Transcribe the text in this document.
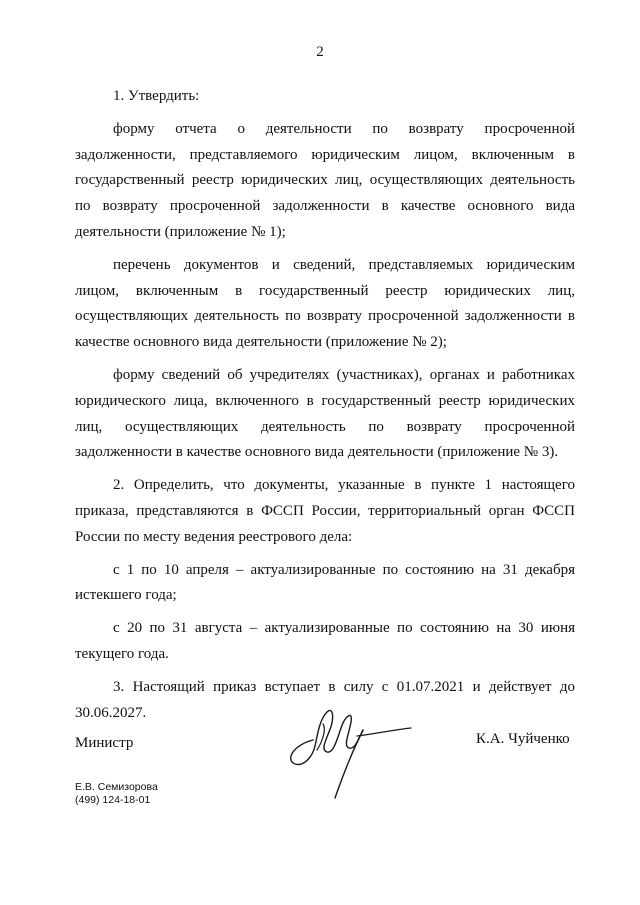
2

1. Утвердить:

форму отчета о деятельности по возврату просроченной задолженности, представляемого юридическим лицом, включенным в государственный реестр юридических лиц, осуществляющих деятельность по возврату просроченной задолженности в качестве основного вида деятельности (приложение № 1);

перечень документов и сведений, представляемых юридическим лицом, включенным в государственный реестр юридических лиц, осуществляющих деятельность по возврату просроченной задолженности в качестве основного вида деятельности (приложение № 2);

форму сведений об учредителях (участниках), органах и работниках юридического лица, включенного в государственный реестр юридических лиц, осуществляющих деятельность по возврату просроченной задолженности в качестве основного вида деятельности (приложение № 3).

2. Определить, что документы, указанные в пункте 1 настоящего приказа, представляются в ФССП России, территориальный орган ФССП России по месту ведения реестрового дела:

с 1 по 10 апреля – актуализированные по состоянию на 31 декабря истекшего года;

с 20 по 31 августа – актуализированные по состоянию на 30 июня текущего года.

3. Настоящий приказ вступает в силу с 01.07.2021 и действует до 30.06.2027.

Министр	К.А. Чуйченко
Е.В. Семизорова
(499) 124-18-01
